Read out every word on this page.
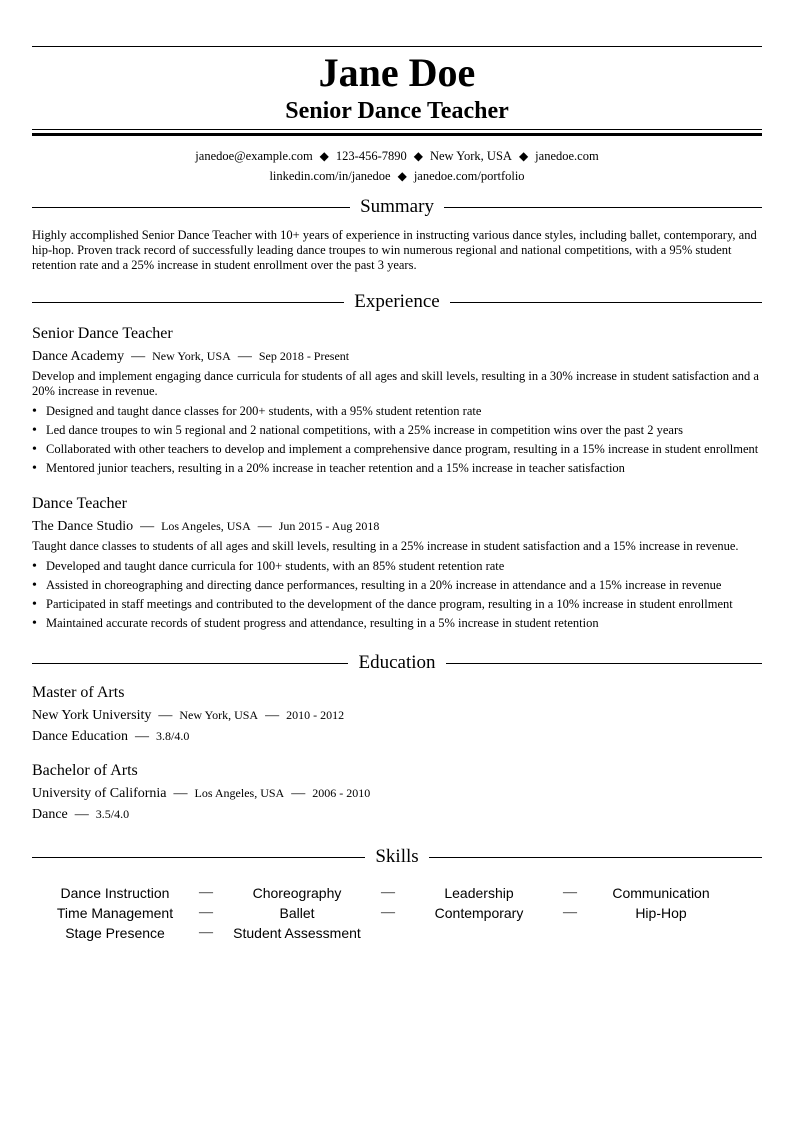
Jane Doe
Senior Dance Teacher
janedoe@example.com ◆ 123-456-7890 ◆ New York, USA ◆ janedoe.com
linkedin.com/in/janedoe ◆ janedoe.com/portfolio
Summary
Highly accomplished Senior Dance Teacher with 10+ years of experience in instructing various dance styles, including ballet, contemporary, and hip-hop. Proven track record of successfully leading dance troupes to win numerous regional and national competitions, with a 95% student retention rate and a 25% increase in student enrollment over the past 3 years.
Experience
Senior Dance Teacher
Dance Academy — New York, USA — Sep 2018 - Present
Develop and implement engaging dance curricula for students of all ages and skill levels, resulting in a 30% increase in student satisfaction and a 20% increase in revenue.
• Designed and taught dance classes for 200+ students, with a 95% student retention rate
• Led dance troupes to win 5 regional and 2 national competitions, with a 25% increase in competition wins over the past 2 years
• Collaborated with other teachers to develop and implement a comprehensive dance program, resulting in a 15% increase in student enrollment
• Mentored junior teachers, resulting in a 20% increase in teacher retention and a 15% increase in teacher satisfaction
Dance Teacher
The Dance Studio — Los Angeles, USA — Jun 2015 - Aug 2018
Taught dance classes to students of all ages and skill levels, resulting in a 25% increase in student satisfaction and a 15% increase in revenue.
• Developed and taught dance curricula for 100+ students, with an 85% student retention rate
• Assisted in choreographing and directing dance performances, resulting in a 20% increase in attendance and a 15% increase in revenue
• Participated in staff meetings and contributed to the development of the dance program, resulting in a 10% increase in student enrollment
• Maintained accurate records of student progress and attendance, resulting in a 5% increase in student retention
Education
Master of Arts
New York University — New York, USA — 2010 - 2012
Dance Education — 3.8/4.0
Bachelor of Arts
University of California — Los Angeles, USA — 2006 - 2010
Dance — 3.5/4.0
Skills
Dance Instruction	—	Choreography	—	Leadership	—	Communication
Time Management	—	Ballet	—	Contemporary	—	Hip-Hop
Stage Presence	—	Student Assessment
